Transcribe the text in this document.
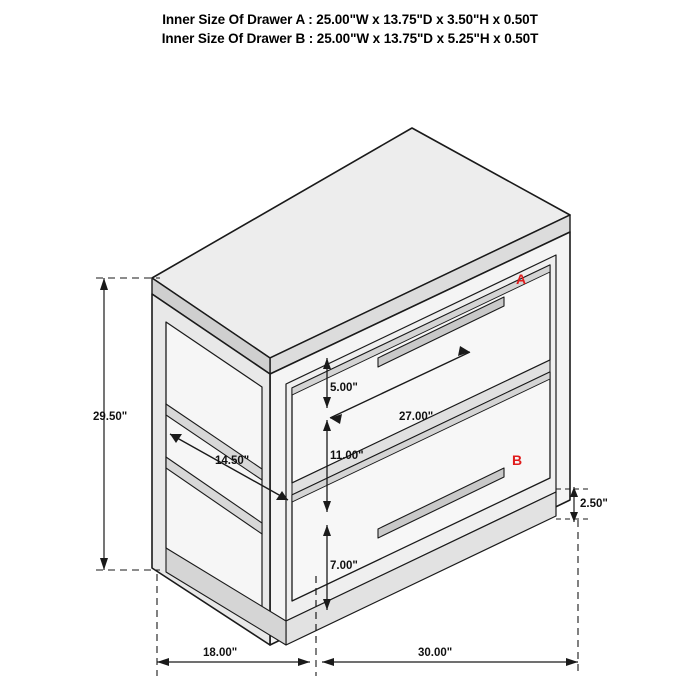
Inner Size Of Drawer A : 25.00"W x 13.75"D x 3.50"H x 0.50T
Inner Size Of Drawer B : 25.00"W x 13.75"D x 5.25"H x 0.50T
29.50"
18.00"	30.00"
14.50"
5.00"
27.00"
11.00"
7.00"
2.50"
A
B
